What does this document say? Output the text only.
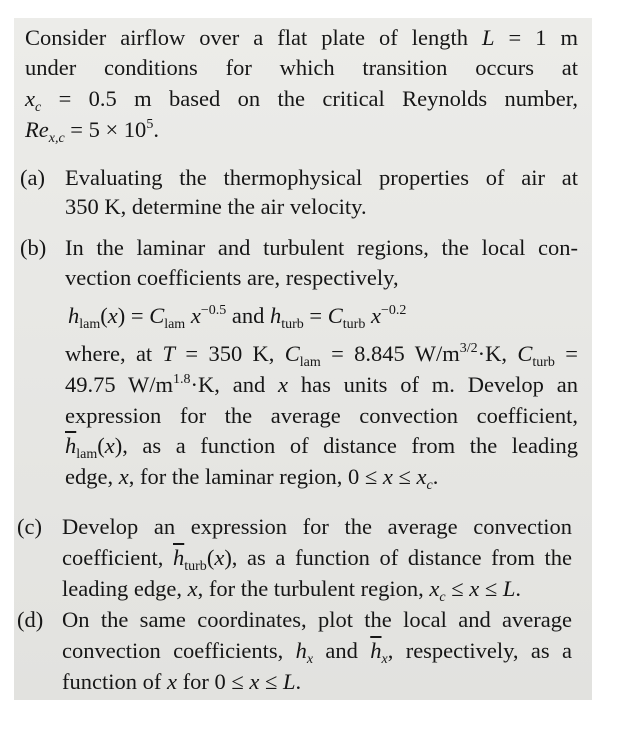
Consider airflow over a flat plate of length L = 1 m
under conditions for which transition occurs at
$x_c = 0.5$ m based on the critical Reynolds number,
$Re_{x,c} = 5 \times 10^5$.
Evaluating the thermophysical properties of air at
350 K, determine the air velocity.
In the laminar and turbulent regions, the local con-
vection coefficients are, respectively,
$h_{lam}(x) = C_{lam}$ $x^{-0.5}$ and $h_{turb} = C_{turb}$ $x^{-0.2}$
where, at T = 350 K, $C_{lam} = 8.845$ $W/m^{3/2}\cdot K$, $C_{turb}$ =
49.75 $W/m^{1.8}\cdot K$, and x has units of m. Develop an
expression for the average convection coefficient,
$\overline{h}_{lam}(x)$, as a function of distance from the leading
edge, x, for the laminar region, $0 \le x \le x_c$.
Develop an expression for the average convection
coefficient, $\overline{h}_{turb}(x)$, as a function of distance from the
leading edge, x, for the turbulent region, $x_c \le x \le L$.
On the same coordinates, plot the local and average
convection coefficients, $h_x$ and $\overline{h}_x$, respectively, as a
function of x for 0 ≤ x ≤ L.
(a)
(b)
(c)
(d)
